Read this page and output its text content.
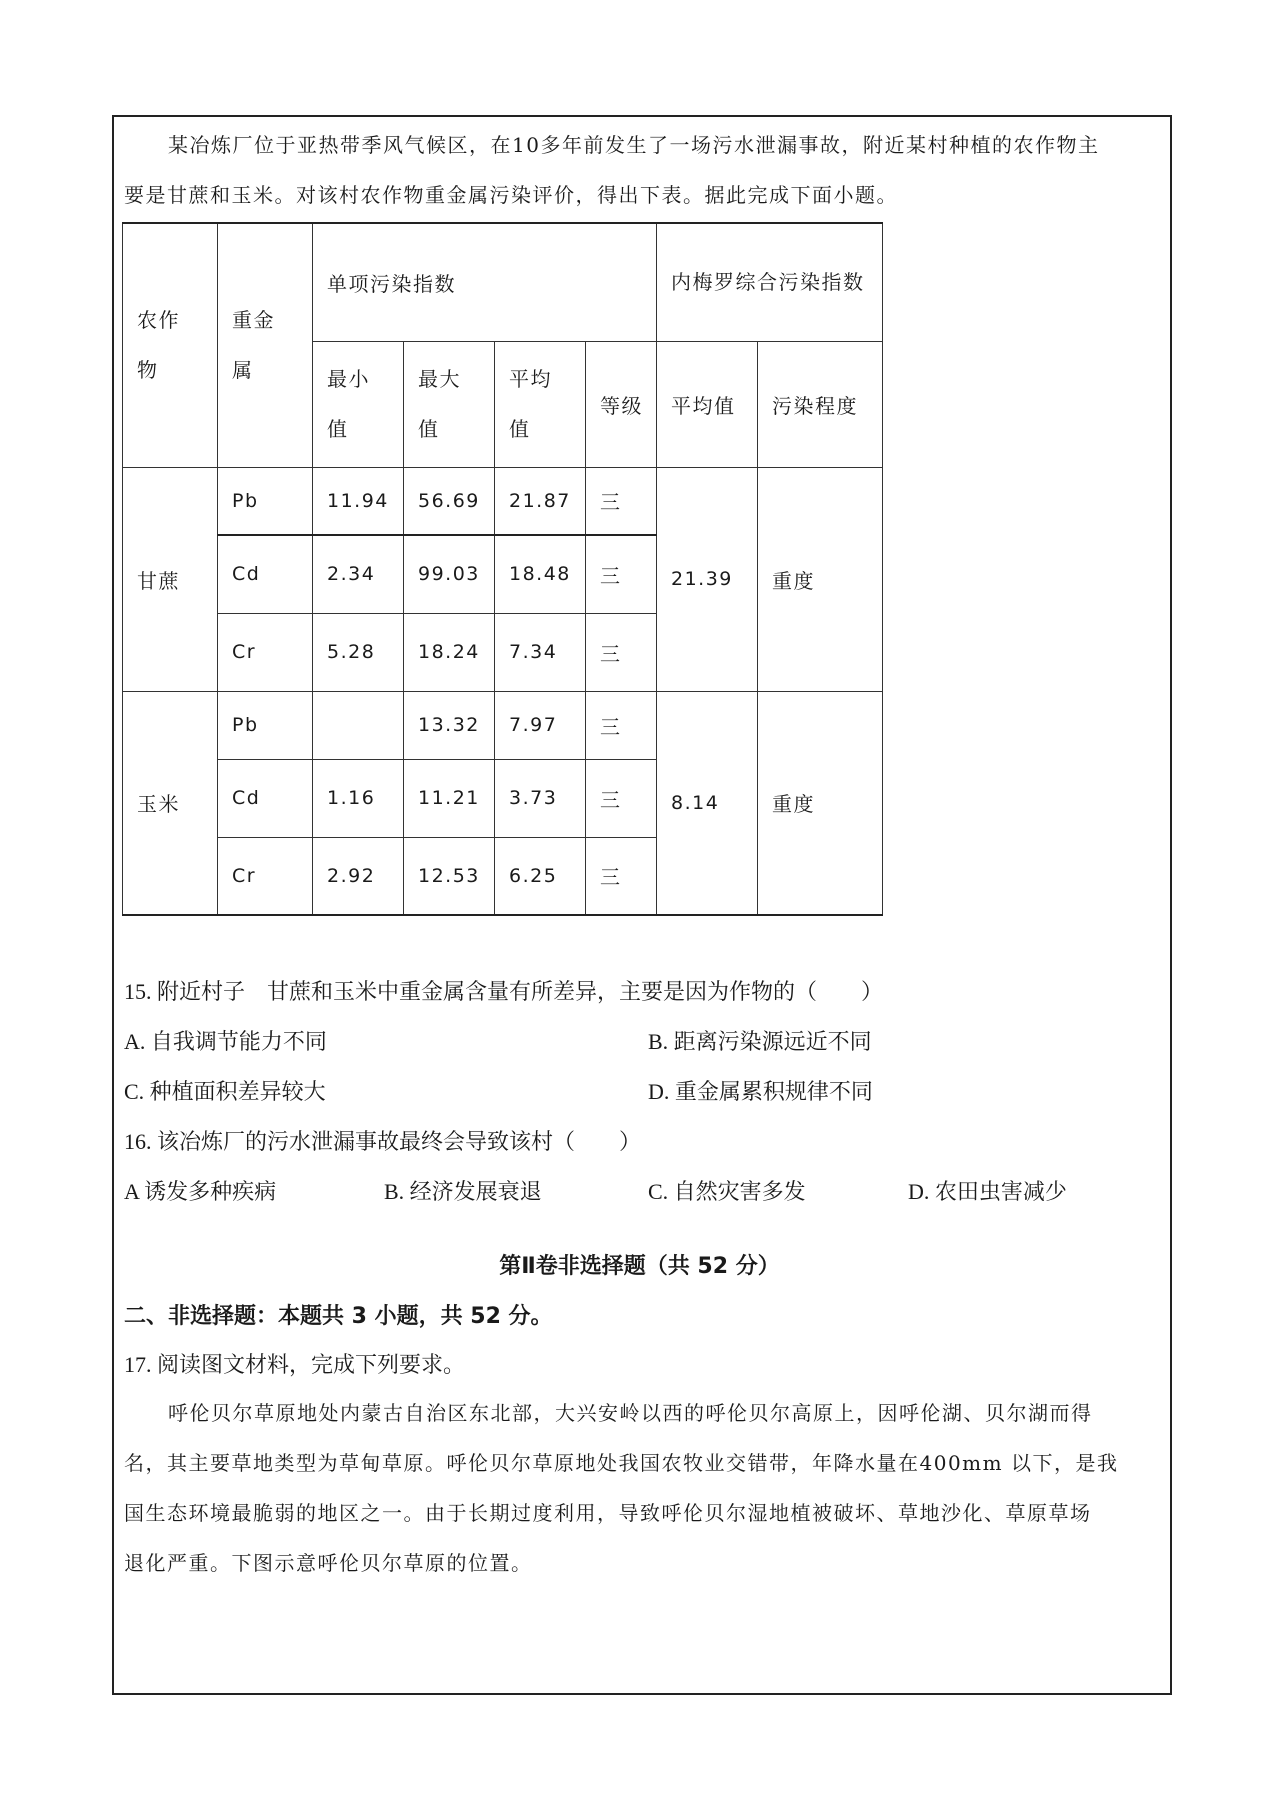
某冶炼厂位于亚热带季风气候区，在10多年前发生了一场污水泄漏事故，附近某村种植的农作物主
要是甘蔗和玉米。对该村农作物重金属污染评价，得出下表。据此完成下面小题。

农作物	重金属	单项污染指数				内梅罗综合污染指数	

		最小值	最大值	平均值	等级	平均值	污染程度
甘蔗	Pb	11.94	56.69	21.87	三	21.39	重度
	Cd	2.34	99.03	18.48	三		
	Cr	5.28	18.24	7.34	三		
玉米	Pb		13.32	7.97	三	8.14	重度
	Cd	1.16	11.21	3.73	三		
	Cr	2.92	12.53	6.25	三		
15. 附近村子　甘蔗和玉米中重金属含量有所差异，主要是因为作物的（　　）
A. 自我调节能力不同	B. 距离污染源远近不同
C. 种植面积差异较大	D. 重金属累积规律不同
16. 该冶炼厂的污水泄漏事故最终会导致该村（　　）
A 诱发多种疾病	B. 经济发展衰退	C. 自然灾害多发	D. 农田虫害减少
第Ⅱ卷非选择题（共 52 分）
二、非选择题：本题共 3 小题，共 52 分。
17. 阅读图文材料，完成下列要求。

呼伦贝尔草原地处内蒙古自治区东北部，大兴安岭以西的呼伦贝尔高原上，因呼伦湖、贝尔湖而得
名，其主要草地类型为草甸草原。呼伦贝尔草原地处我国农牧业交错带，年降水量在400mm 以下，是我
国生态环境最脆弱的地区之一。由于长期过度利用，导致呼伦贝尔湿地植被破坏、草地沙化、草原草场
退化严重。下图示意呼伦贝尔草原的位置。
